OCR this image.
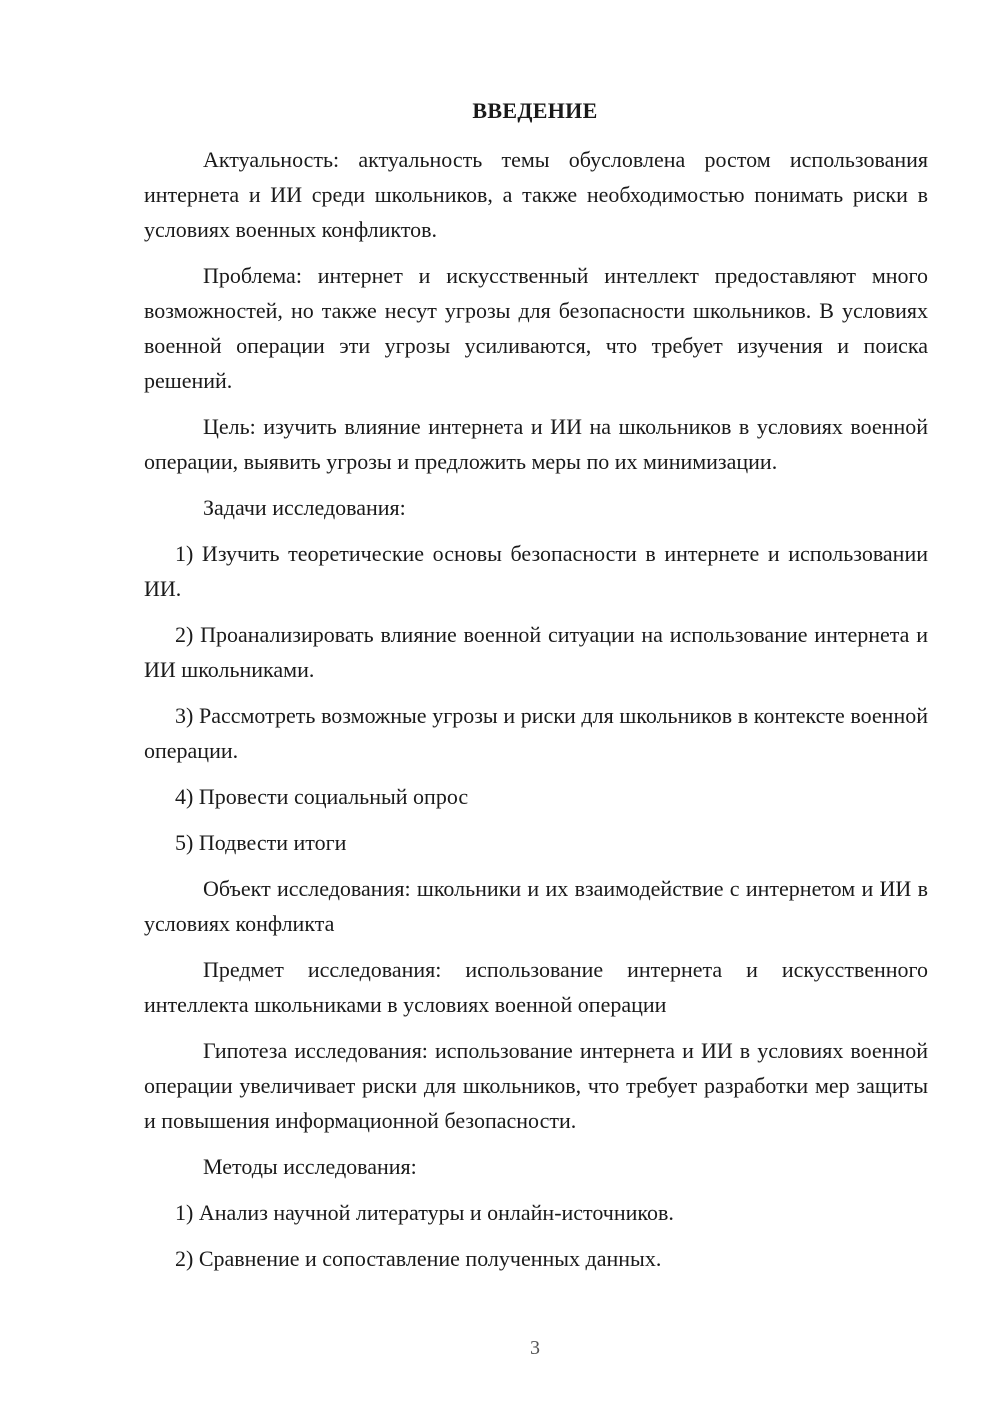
ВВЕДЕНИЕ

Актуальность: актуальность темы обусловлена ростом использования интернета и ИИ среди школьников, а также необходимостью понимать риски в условиях военных конфликтов.

Проблема: интернет и искусственный интеллект предоставляют много возможностей, но также несут угрозы для безопасности школьников. В условиях военной операции эти угрозы усиливаются, что требует изучения и поиска решений.

Цель: изучить влияние интернета и ИИ на школьников в условиях военной операции, выявить угрозы и предложить меры по их минимизации.

Задачи исследования:

1) Изучить теоретические основы безопасности в интернете и использовании ИИ.

2) Проанализировать влияние военной ситуации на использование интернета и ИИ школьниками.

3) Рассмотреть возможные угрозы и риски для школьников в контексте военной операции.

4) Провести социальный опрос

5) Подвести итоги

Объект исследования: школьники и их взаимодействие с интернетом и ИИ в условиях конфликта

Предмет исследования: использование интернета и искусственного интеллекта школьниками в условиях военной операции

Гипотеза исследования: использование интернета и ИИ в условиях военной операции увеличивает риски для школьников, что требует разработки мер защиты и повышения информационной безопасности.

Методы исследования:

1) Анализ научной литературы и онлайн-источников.

2) Сравнение и сопоставление полученных данных.

3
